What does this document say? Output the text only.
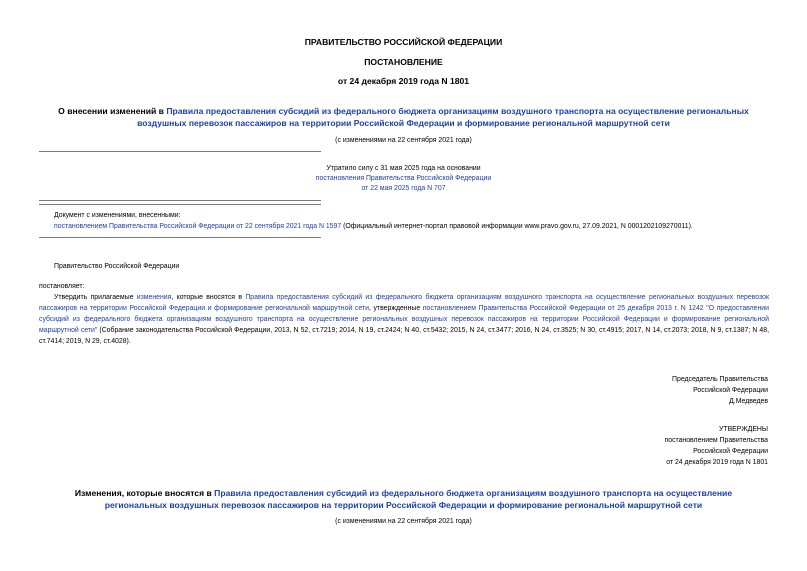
ПРАВИТЕЛЬСТВО РОССИЙСКОЙ ФЕДЕРАЦИИ
ПОСТАНОВЛЕНИЕ
от 24 декабря 2019 года N 1801
О внесении изменений в Правила предоставления субсидий из федерального бюджета организациям воздушного транспорта на осуществление региональных
воздушных перевозок пассажиров на территории Российской Федерации и формирование региональной маршрутной сети
(с изменениями на 22 сентября 2021 года)
Утратило силу с 31 мая 2025 года на основании
постановления Правительства Российской Федерации
от 22 мая 2025 года N 707
Документ с изменениями, внесенными:
постановлением Правительства Российской Федерации от 22 сентября 2021 года N 1597 (Официальный интернет-портал правовой информации www.pravo.gov.ru, 27.09.2021, N 0001202109270011).
Правительство Российской Федерации
постановляет:
Утвердить прилагаемые изменения, которые вносятся в Правила предоставления субсидий из федерального бюджета организациям воздушного транспорта на осуществление региональных воздушных перевозок пассажиров на территории Российской Федерации и формирование региональной маршрутной сети, утвержденные постановлением Правительства Российской Федерации от 25 декабря 2013 г. N 1242 "О предоставлении субсидий из федерального бюджета организациям воздушного транспорта на осуществление региональных воздушных перевозок пассажиров на территории Российской Федерации и формирование региональной маршрутной сети" (Собрание законодательства Российской Федерации, 2013, N 52, ст.7219; 2014, N 19, ст.2424; N 40, ст.5432; 2015, N 24, ст.3477; 2016, N 24, ст.3525; N 30, ст.4915; 2017, N 14, ст.2073; 2018, N 9, ст.1387; N 48, ст.7414; 2019, N 29, ст.4028).
Председатель Правительства
Российской Федерации
Д.Медведев
УТВЕРЖДЕНЫ
постановлением Правительства
Российской Федерации
от 24 декабря 2019 года N 1801
Изменения, которые вносятся в Правила предоставления субсидий из федерального бюджета организациям воздушного транспорта на осуществление
региональных воздушных перевозок пассажиров на территории Российской Федерации и формирование региональной маршрутной сети
(с изменениями на 22 сентября 2021 года)
